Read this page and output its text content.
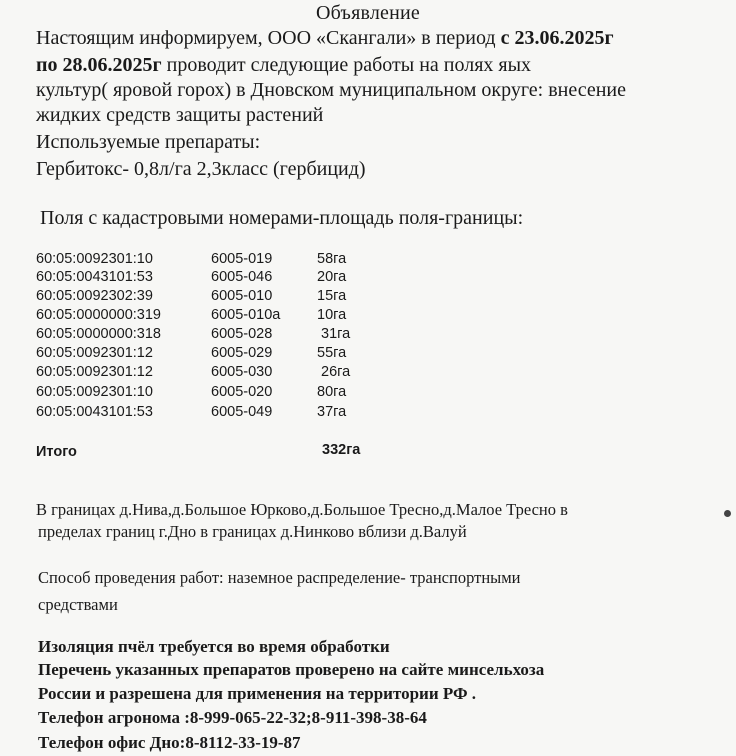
Объявление
Настоящим информируем, ООО «Скангали» в период с 23.06.2025г
по 28.06.2025г проводит следующие работы на полях яых
культур( яровой горох) в Дновском муниципальном округе: внесение
жидких средств защиты растений
Используемые препараты:
Гербитокс- 0,8л/га 2,3класс (гербицид)
Поля с кадастровыми номерами-площадь поля-границы:
60:05:0092301:10	6005-019	58га
60:05:0043101:53	6005-046	20га
60:05:0092302:39	6005-010	15га
60:05:0000000:319	6005-010а	10га
60:05:0000000:318	6005-028	31га
60:05:0092301:12	6005-029	55га
60:05:0092301:12	6005-030	26га
60:05:0092301:10	6005-020	80га
60:05:0043101:53	6005-049	37га
Итого	332га
В границах д.Нива,д.Большое Юрково,д.Большое Тресно,д.Малое Тресно в
пределах границ г.Дно в границах д.Нинково вблизи д.Валуй
Способ проведения работ: наземное распределение- транспортными
средствами
Изоляция пчёл требуется во время обработки
Перечень указанных препаратов проверено на сайте минсельхоза
России и разрешена для применения на территории РФ .
Телефон агронома :8-999-065-22-32;8-911-398-38-64
Телефон офис Дно:8-8112-33-19-87
